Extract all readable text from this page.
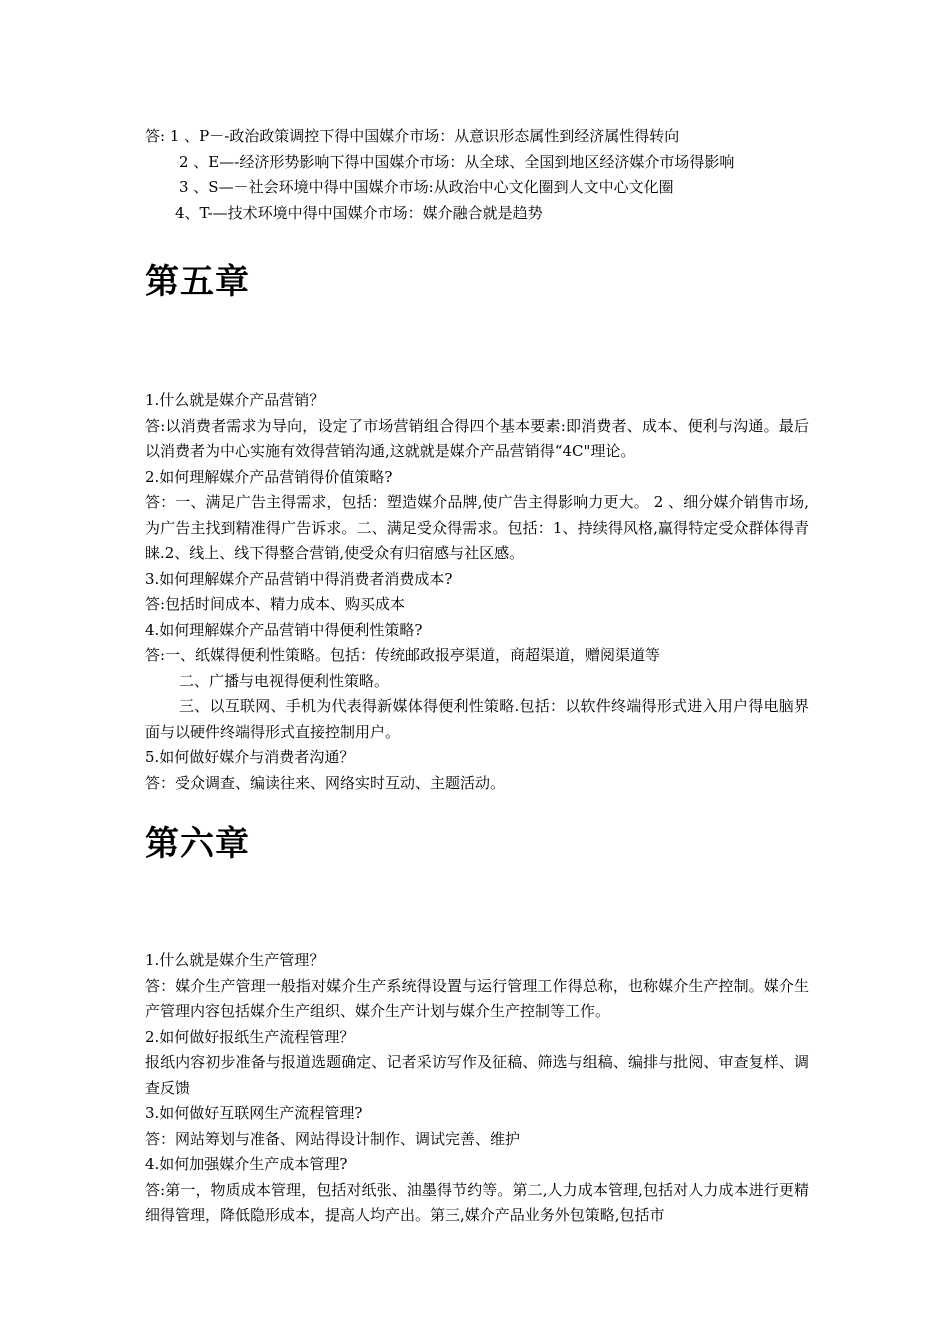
答: 1 、P－-政治政策调控下得中国媒介市场：从意识形态属性到经济属性得转向

2 、E—-经济形势影响下得中国媒介市场：从全球、全国到地区经济媒介市场得影响

3 、S—－社会环境中得中国媒介市场:从政治中心文化圈到人文中心文化圈

4、T-—技术环境中得中国媒介市场：媒介融合就是趋势

第五章

1.什么就是媒介产品营销？

答:以消费者需求为导向，设定了市场营销组合得四个基本要素:即消费者、成本、便利与沟通。最后以消费者为中心实施有效得营销沟通,这就就是媒介产品营销得“4C"理论。

2.如何理解媒介产品营销得价值策略?

答：一、满足广告主得需求，包括：塑造媒介品牌,使广告主得影响力更大。 2 、细分媒介销售市场,为广告主找到精准得广告诉求。二、满足受众得需求。包括：1、持续得风格,赢得特定受众群体得青睐.2、线上、线下得整合营销,使受众有归宿感与社区感。

3.如何理解媒介产品营销中得消费者消费成本?

答:包括时间成本、精力成本、购买成本

4.如何理解媒介产品营销中得便利性策略?

答:一、纸媒得便利性策略。包括：传统邮政报亭渠道，商超渠道，赠阅渠道等

二、广播与电视得便利性策略。

三、以互联网、手机为代表得新媒体得便利性策略.包括：以软件终端得形式进入用户得电脑界面与以硬件终端得形式直接控制用户。

5.如何做好媒介与消费者沟通？

答：受众调查、编读往来、网络实时互动、主题活动。

第六章

1.什么就是媒介生产管理？

答：媒介生产管理一般指对媒介生产系统得设置与运行管理工作得总称，也称媒介生产控制。媒介生产管理内容包括媒介生产组织、媒介生产计划与媒介生产控制等工作。

2.如何做好报纸生产流程管理？

报纸内容初步准备与报道选题确定、记者采访写作及征稿、筛选与组稿、编排与批阅、审查复样、调查反馈

3.如何做好互联网生产流程管理?

答：网站筹划与准备、网站得设计制作、调试完善、维护

4.如何加强媒介生产成本管理?

答:第一，物质成本管理，包括对纸张、油墨得节约等。第二,人力成本管理,包括对人力成本进行更精细得管理，降低隐形成本，提高人均产出。第三,媒介产品业务外包策略,包括市
